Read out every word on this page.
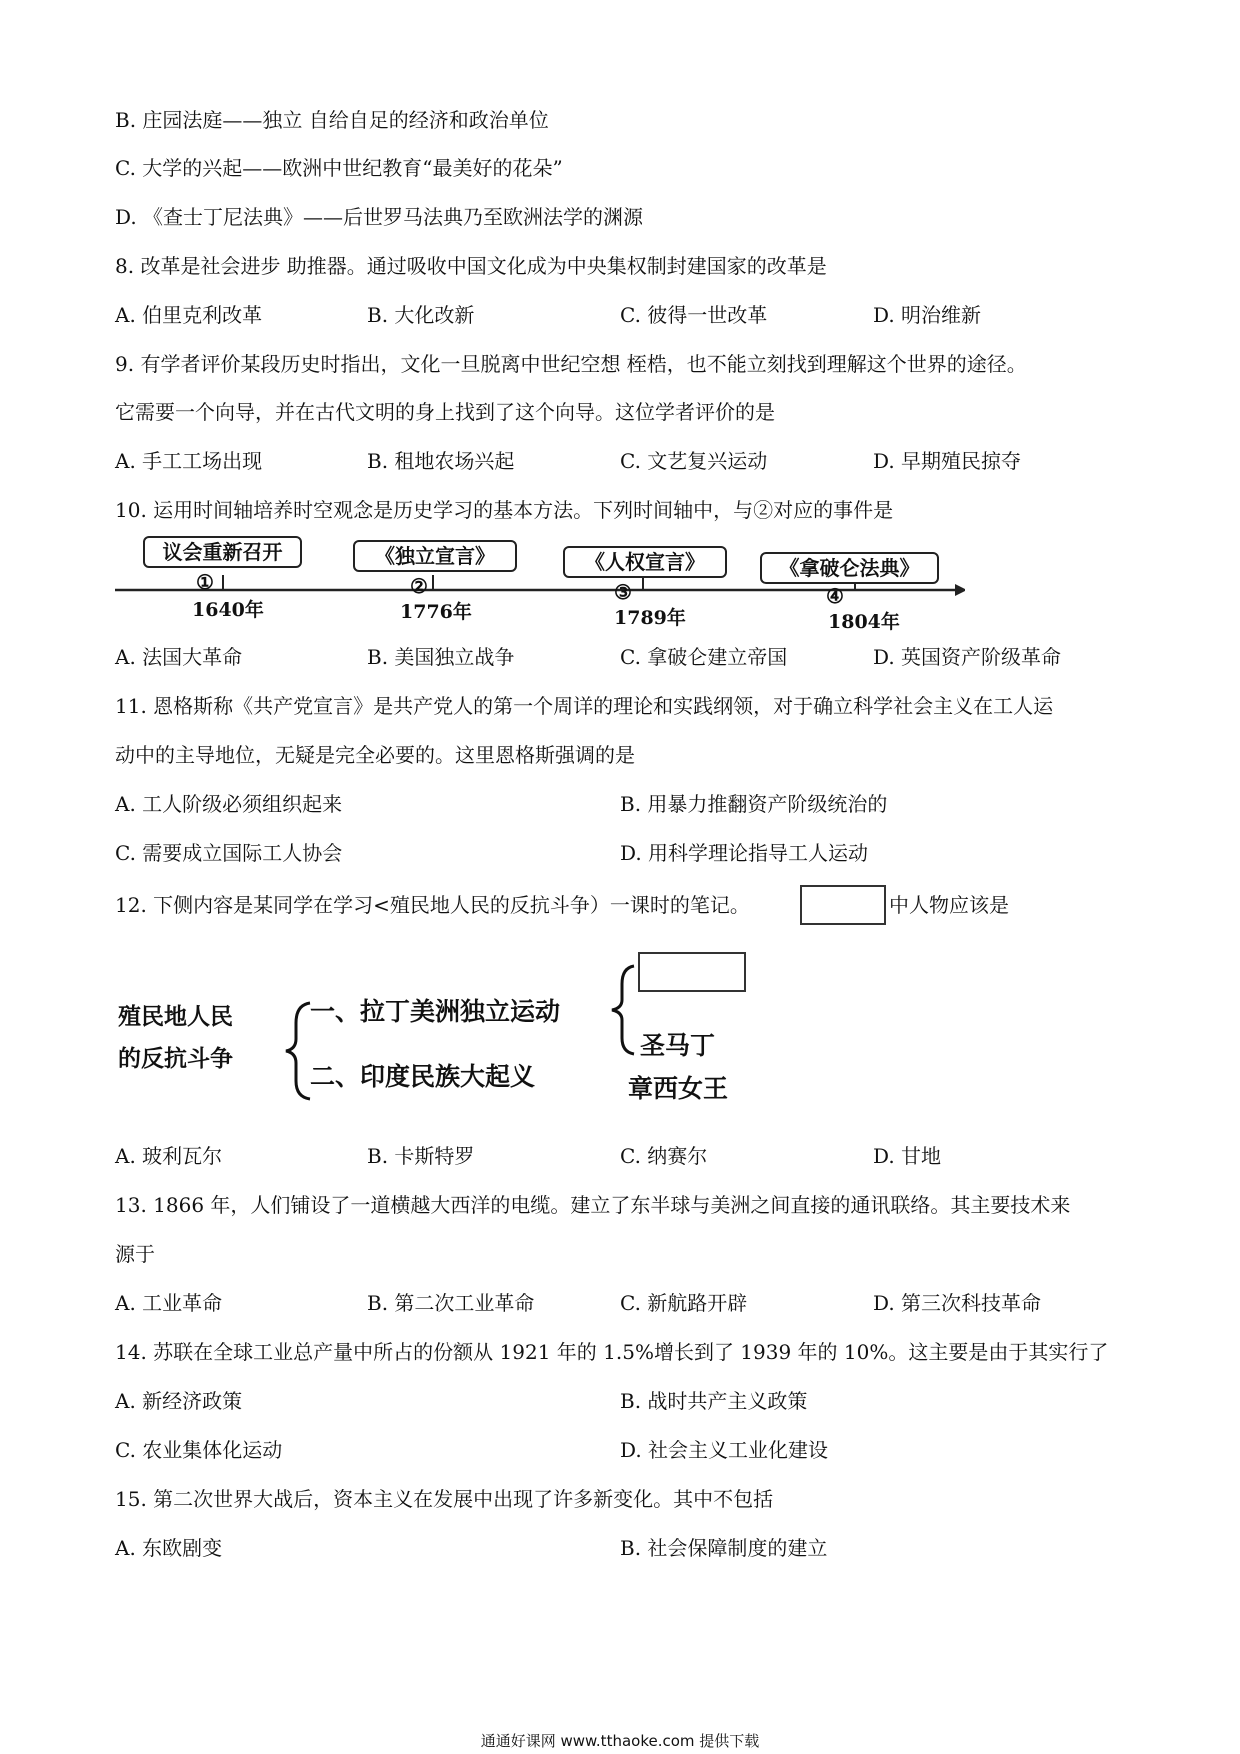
B. 庄园法庭——独立 自给自足的经济和政治单位
C. 大学的兴起——欧洲中世纪教育“最美好的花朵”
D. 《查士丁尼法典》——后世罗马法典乃至欧洲法学的渊源
8. 改革是社会进步 助推器。通过吸收中国文化成为中央集权制封建国家的改革是
A. 伯里克利改革	B. 大化改新	C. 彼得一世改革	D. 明治维新
9. 有学者评价某段历史时指出，文化一旦脱离中世纪空想 桎梏，也不能立刻找到理解这个世界的途径。
它需要一个向导，并在古代文明的身上找到了这个向导。这位学者评价的是
A. 手工工场出现	B. 租地农场兴起	C. 文艺复兴运动	D. 早期殖民掠夺
10. 运用时间轴培养时空观念是历史学习的基本方法。下列时间轴中，与②对应的事件是
议会重新召开	《独立宣言》	《人权宣言》	《拿破仑法典》
①	②	③	④
1640年	1776年	1789年	1804年
A. 法国大革命	B. 美国独立战争	C. 拿破仑建立帝国	D. 英国资产阶级革命
11. 恩格斯称《共产党宣言》是共产党人的第一个周详的理论和实践纲领，对于确立科学社会主义在工人运
动中的主导地位，无疑是完全必要的。这里恩格斯强调的是
A. 工人阶级必须组织起来	B. 用暴力推翻资产阶级统治的
C. 需要成立国际工人协会	D. 用科学理论指导工人运动
12. 下侧内容是某同学在学习<殖民地人民的反抗斗争）一课时的笔记。	中人物应该是
殖民地人民
的反抗斗争
一、拉丁美洲独立运动
二、印度民族大起义
圣马丁
章西女王
A. 玻利瓦尔	B. 卡斯特罗	C. 纳赛尔	D. 甘地
13. 1866 年，人们铺设了一道横越大西洋的电缆。建立了东半球与美洲之间直接的通讯联络。其主要技术来
源于
A. 工业革命	B. 第二次工业革命	C. 新航路开辟	D. 第三次科技革命
14. 苏联在全球工业总产量中所占的份额从 1921 年的 1.5%增长到了 1939 年的 10%。这主要是由于其实行了
A. 新经济政策	B. 战时共产主义政策
C. 农业集体化运动	D. 社会主义工业化建设
15. 第二次世界大战后，资本主义在发展中出现了许多新变化。其中不包括
A. 东欧剧变	B. 社会保障制度的建立
通通好课网 www.tthaoke.com 提供下载
